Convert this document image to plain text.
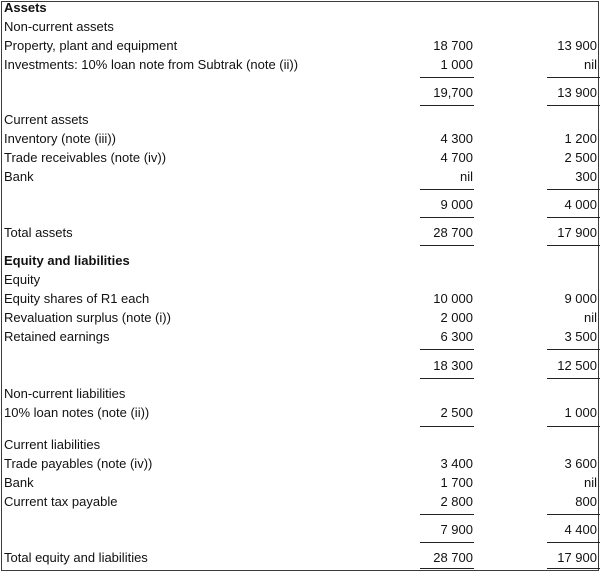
Assets
Non-current assets
Property, plant and equipment	18 700	13 900
Investments: 10% loan note from Subtrak (note (ii))	1 000	nil
19,700	13 900
Current assets
Inventory (note (iii))	4 300	1 200
Trade receivables (note (iv))	4 700	2 500
Bank	nil	300
9 000	4 000
Total assets	28 700	17 900
Equity and liabilities
Equity
Equity shares of R1 each	10 000	9 000
Revaluation surplus (note (i))	2 000	nil
Retained earnings	6 300	3 500
18 300	12 500
Non-current liabilities
10% loan notes (note (ii))	2 500	1 000
Current liabilities
Trade payables (note (iv))	3 400	3 600
Bank	1 700	nil
Current tax payable	2 800	800
7 900	4 400
Total equity and liabilities	28 700	17 900
